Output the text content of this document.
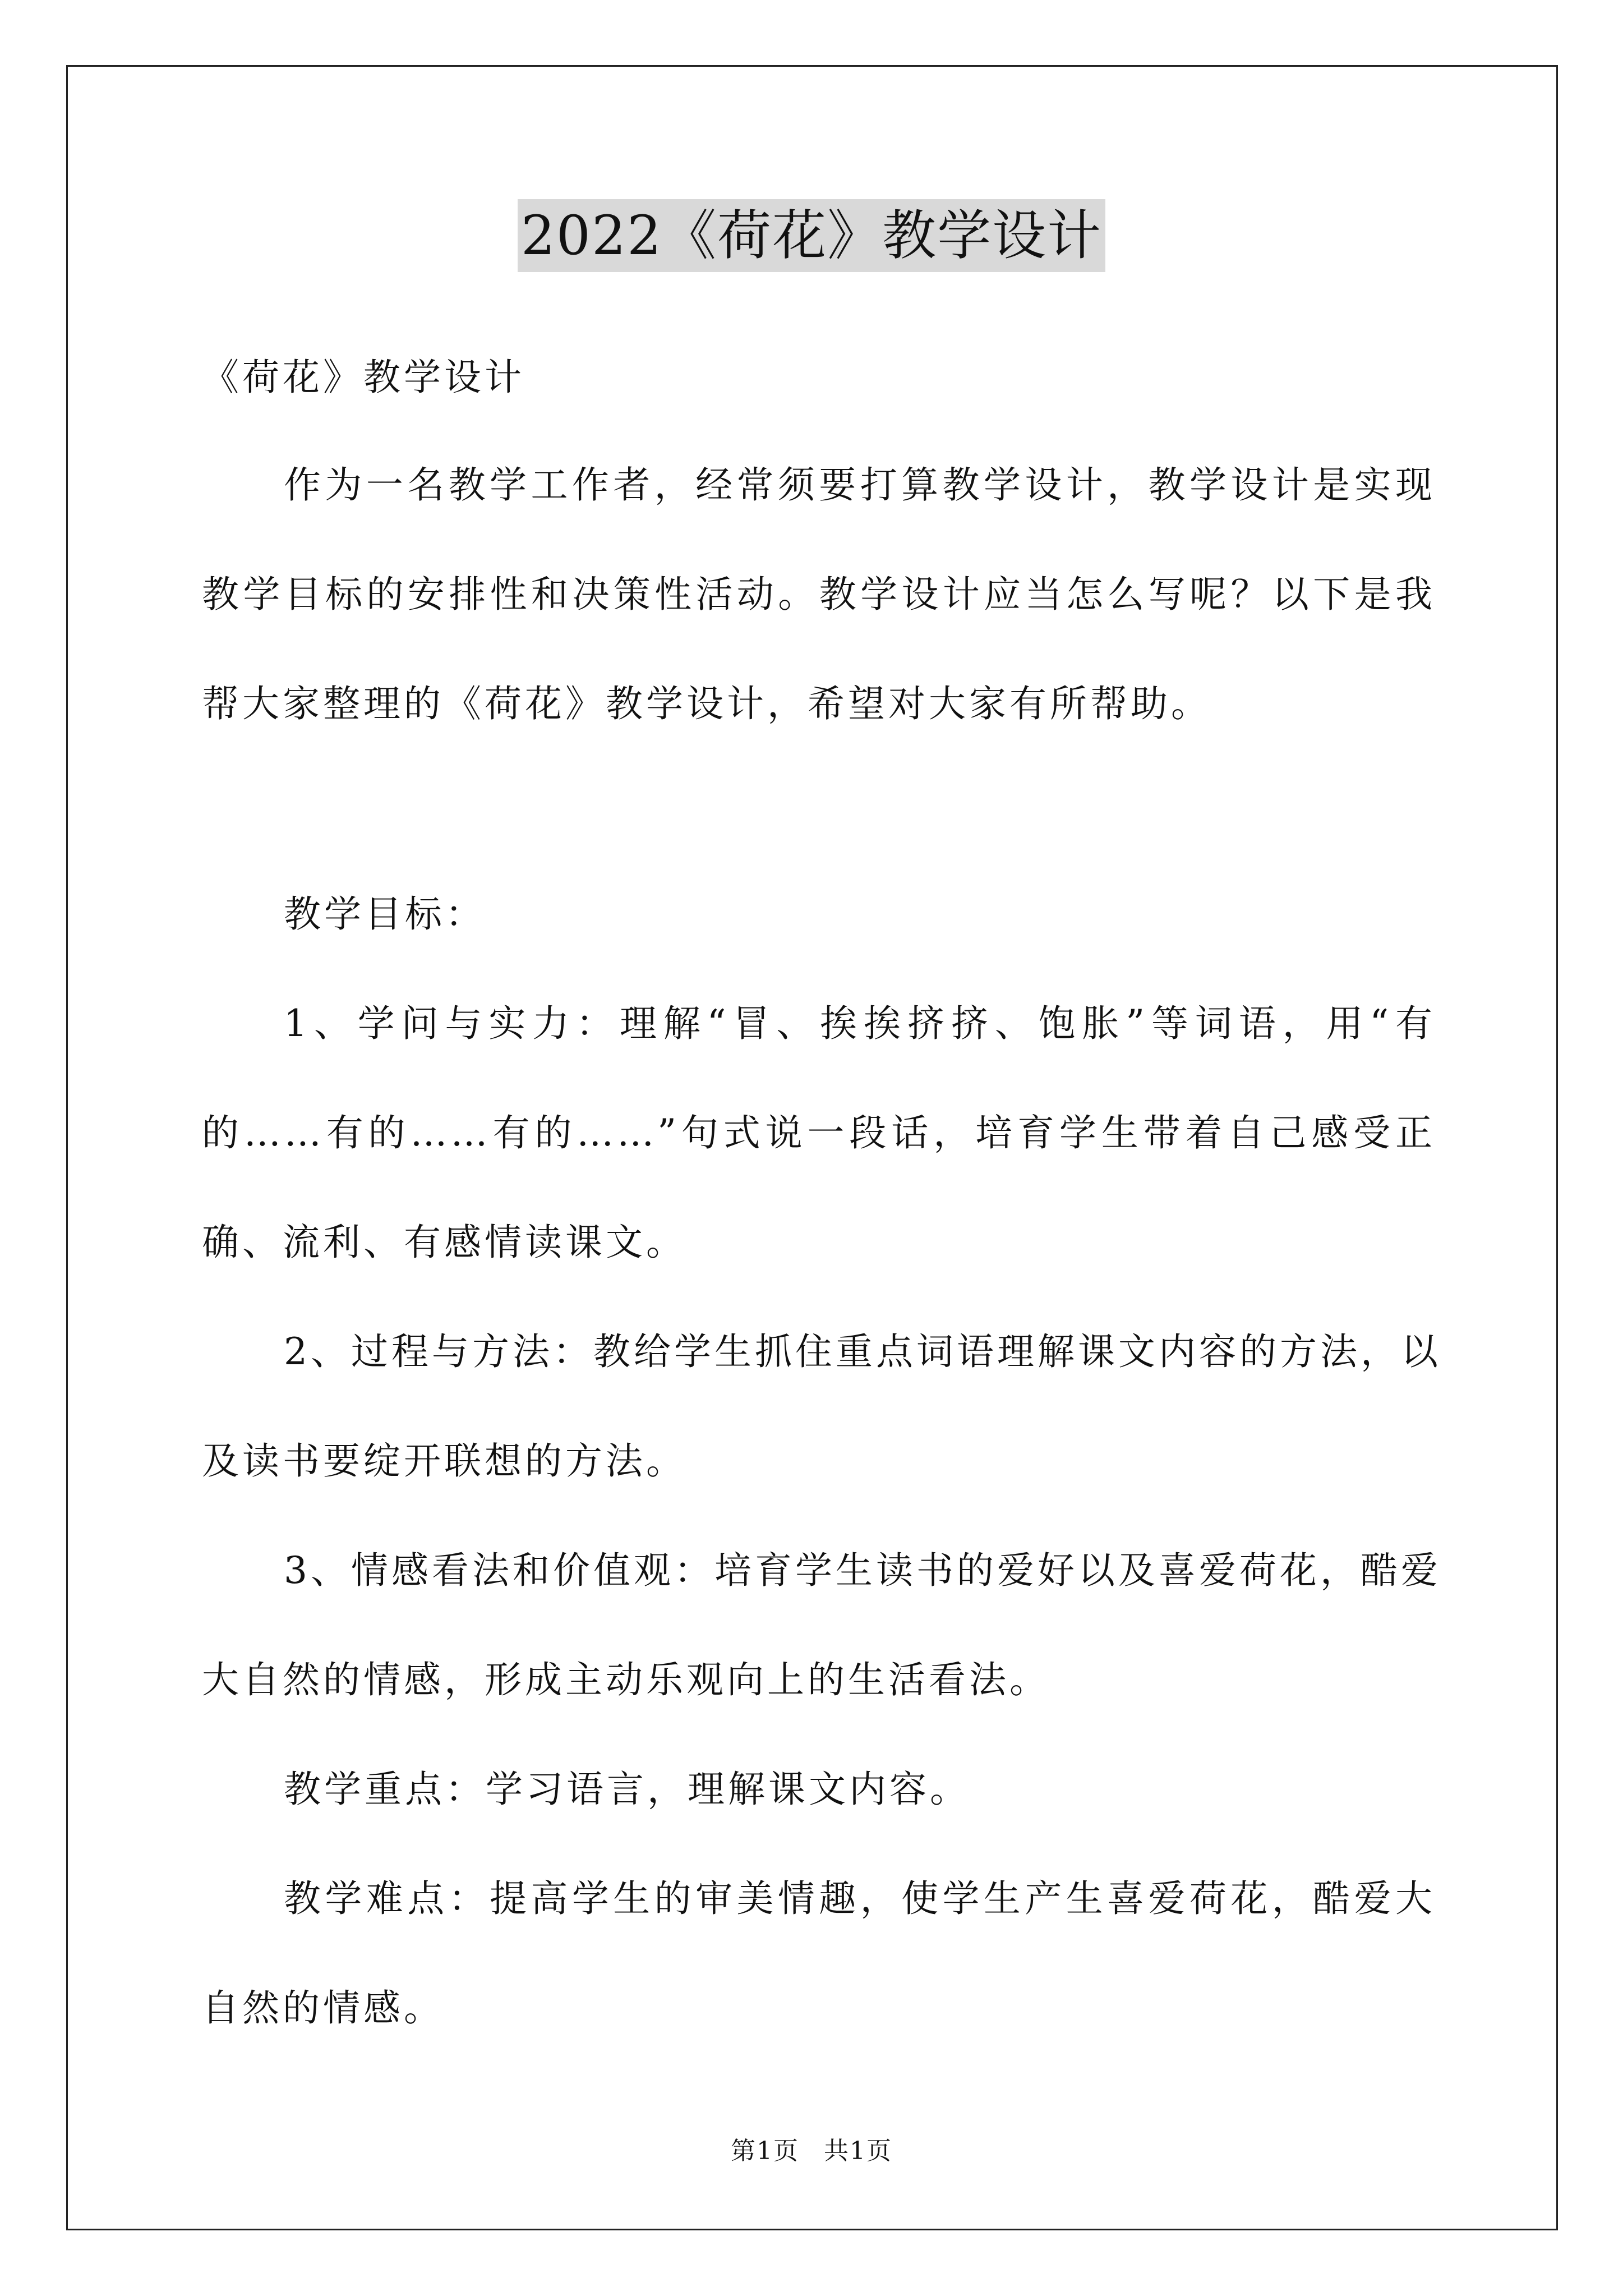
2022《荷花》教学设计
《荷花》教学设计
作为一名教学工作者，经常须要打算教学设计，教学设计是实现
教学目标的安排性和决策性活动。教学设计应当怎么写呢？以下是我
帮大家整理的《荷花》教学设计，希望对大家有所帮助。
教学目标：
1、学问与实力：理解“冒、挨挨挤挤、饱胀”等词语，用“有
的……有的……有的……”句式说一段话，培育学生带着自己感受正
确、流利、有感情读课文。
2、过程与方法：教给学生抓住重点词语理解课文内容的方法，以
及读书要绽开联想的方法。
3、情感看法和价值观：培育学生读书的爱好以及喜爱荷花，酷爱
大自然的情感，形成主动乐观向上的生活看法。
教学重点：学习语言，理解课文内容。
教学难点：提高学生的审美情趣，使学生产生喜爱荷花，酷爱大
自然的情感。
第1页 共1页
